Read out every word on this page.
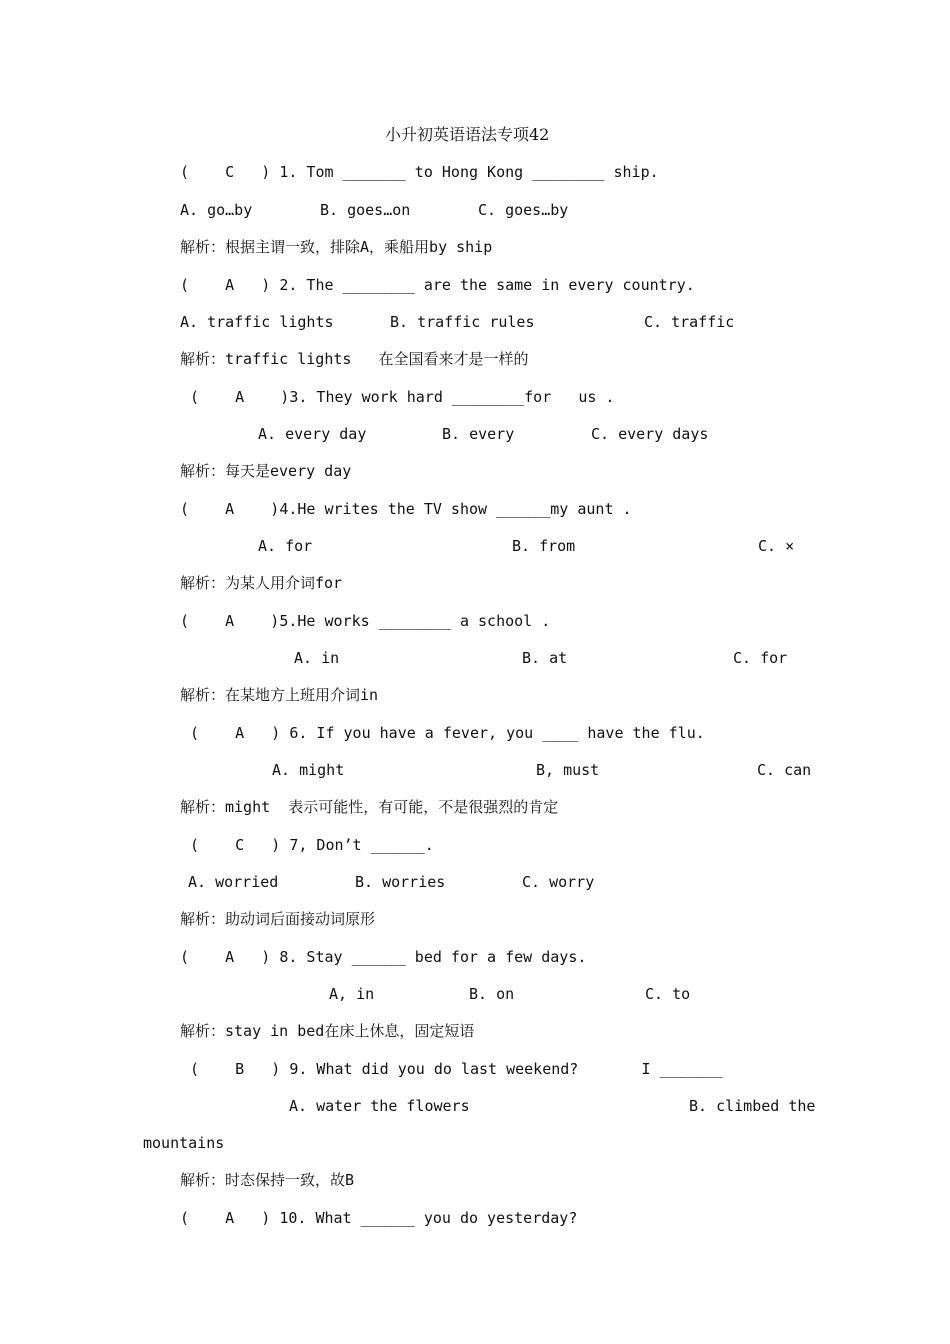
小升初英语语法专项42
(    C   ) 1. Tom _______ to Hong Kong ________ ship.
A. go…by	B. goes…on	C. goes…by
解析：根据主谓一致，排除A，乘船用by ship
(    A   ) 2. The ________ are the same in every country.
A. traffic lights	B. traffic rules	C. traffic
解析：traffic lights   在全国看来才是一样的
(    A    )3. They work hard ________for   us .
A. every day	B. every	C. every days
解析：每天是every day
(    A    )4.He writes the TV show ______my aunt .
A. for	B. from	C. ×
解析：为某人用介词for
(    A    )5.He works ________ a school .
A. in	B. at	C. for
解析：在某地方上班用介词in
(    A   ) 6. If you have a fever, you ____ have the flu.
A. might	B, must	C. can
解析：might  表示可能性，有可能，不是很强烈的肯定
(    C   ) 7, Don’t ______.
A. worried	B. worries	C. worry
解析：助动词后面接动词原形
(    A   ) 8. Stay ______ bed for a few days.
A, in	B. on	C. to
解析：stay in bed在床上休息，固定短语
(    B   ) 9. What did you do last weekend?       I _______
A. water the flowers	B. climbed the
mountains
解析：时态保持一致，故B
(    A   ) 10. What ______ you do yesterday?
